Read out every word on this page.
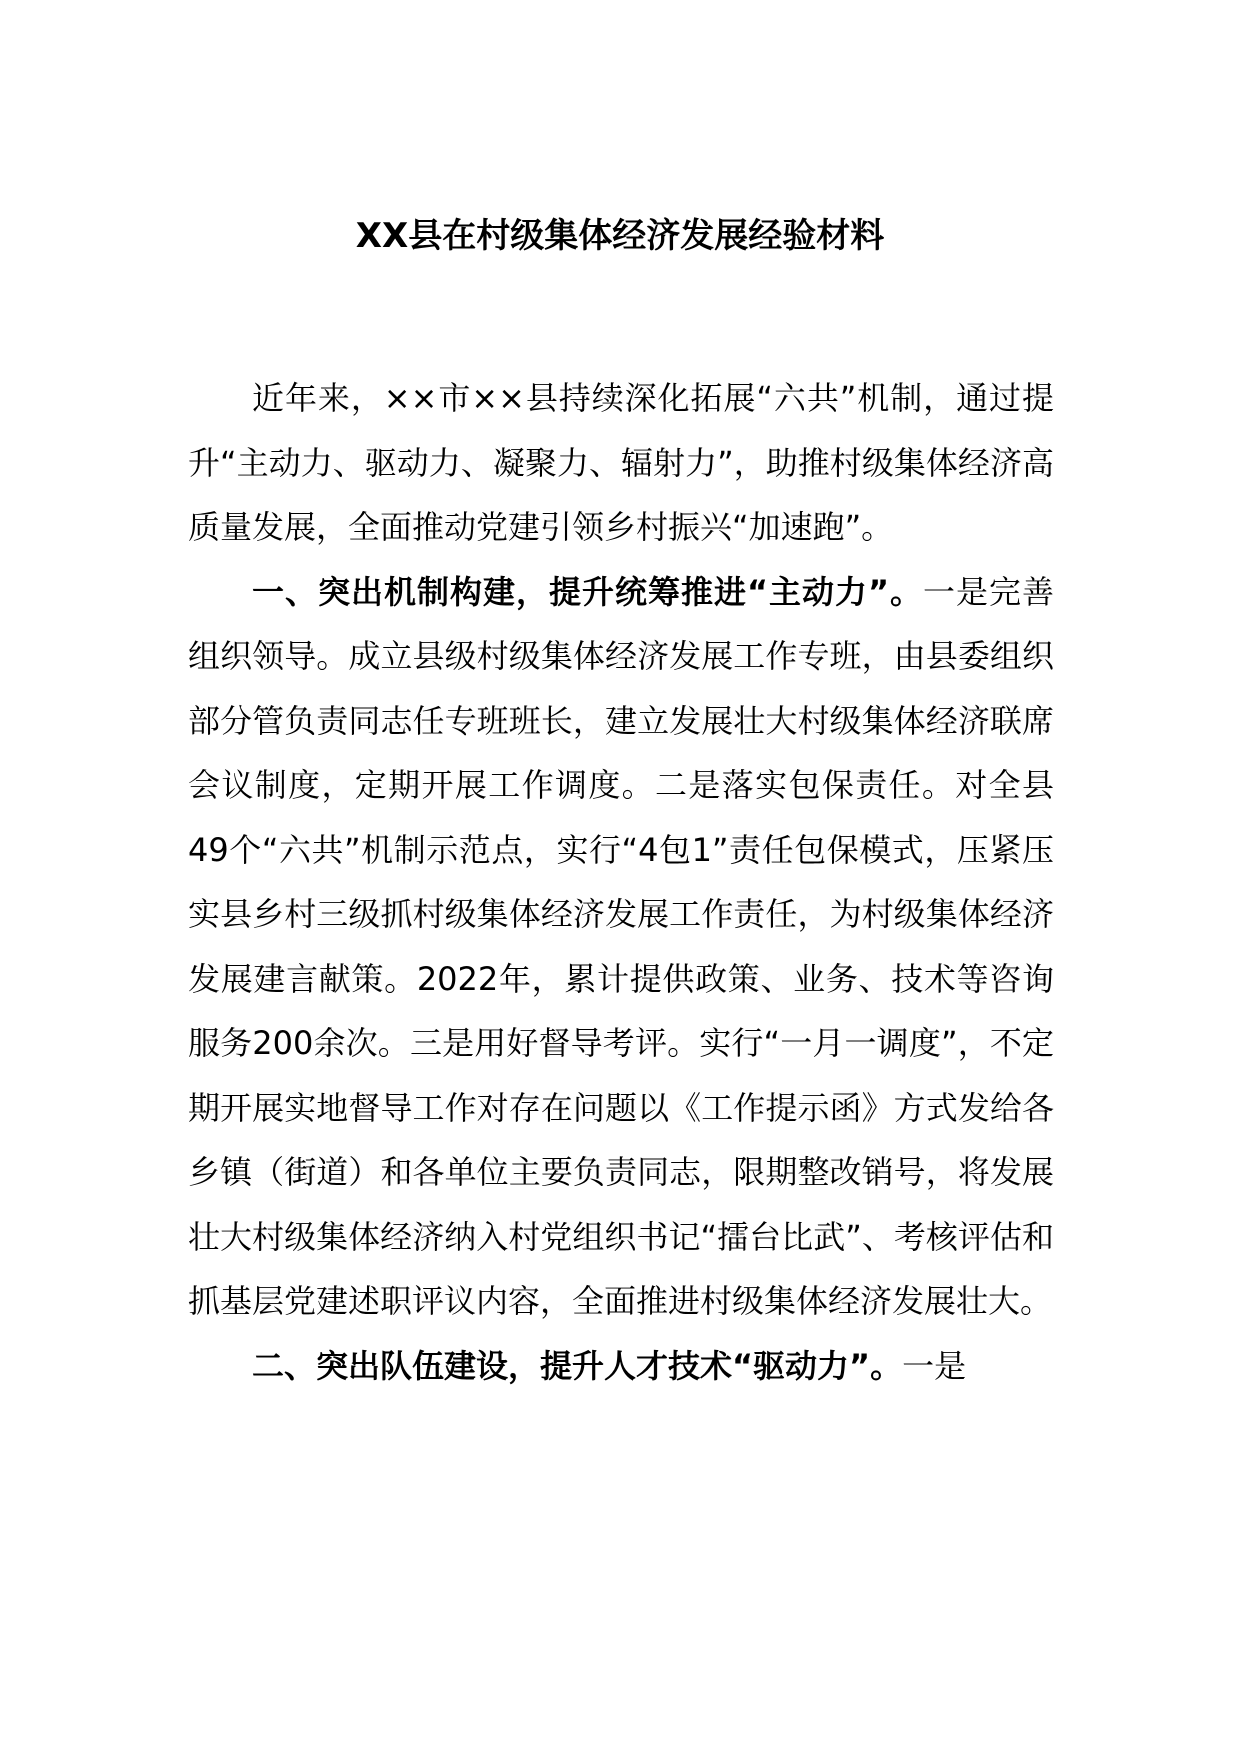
XX县在村级集体经济发展经验材料

近年来，××市××县持续深化拓展“六共”机制，通过提升“主动力、驱动力、凝聚力、辐射力”，助推村级集体经济高质量发展，全面推动党建引领乡村振兴“加速跑”。

一、突出机制构建，提升统筹推进“主动力”。一是完善组织领导。成立县级村级集体经济发展工作专班，由县委组织部分管负责同志任专班班长，建立发展壮大村级集体经济联席会议制度，定期开展工作调度。二是落实包保责任。对全县49个“六共”机制示范点，实行“4包1”责任包保模式，压紧压实县乡村三级抓村级集体经济发展工作责任，为村级集体经济发展建言献策。2022年，累计提供政策、业务、技术等咨询服务200余次。三是用好督导考评。实行“一月一调度”，不定期开展实地督导工作对存在问题以《工作提示函》方式发给各乡镇（街道）和各单位主要负责同志，限期整改销号，将发展壮大村级集体经济纳入村党组织书记“擂台比武”、考核评估和抓基层党建述职评议内容，全面推进村级集体经济发展壮大。

二、突出队伍建设，提升人才技术“驱动力”。一是
